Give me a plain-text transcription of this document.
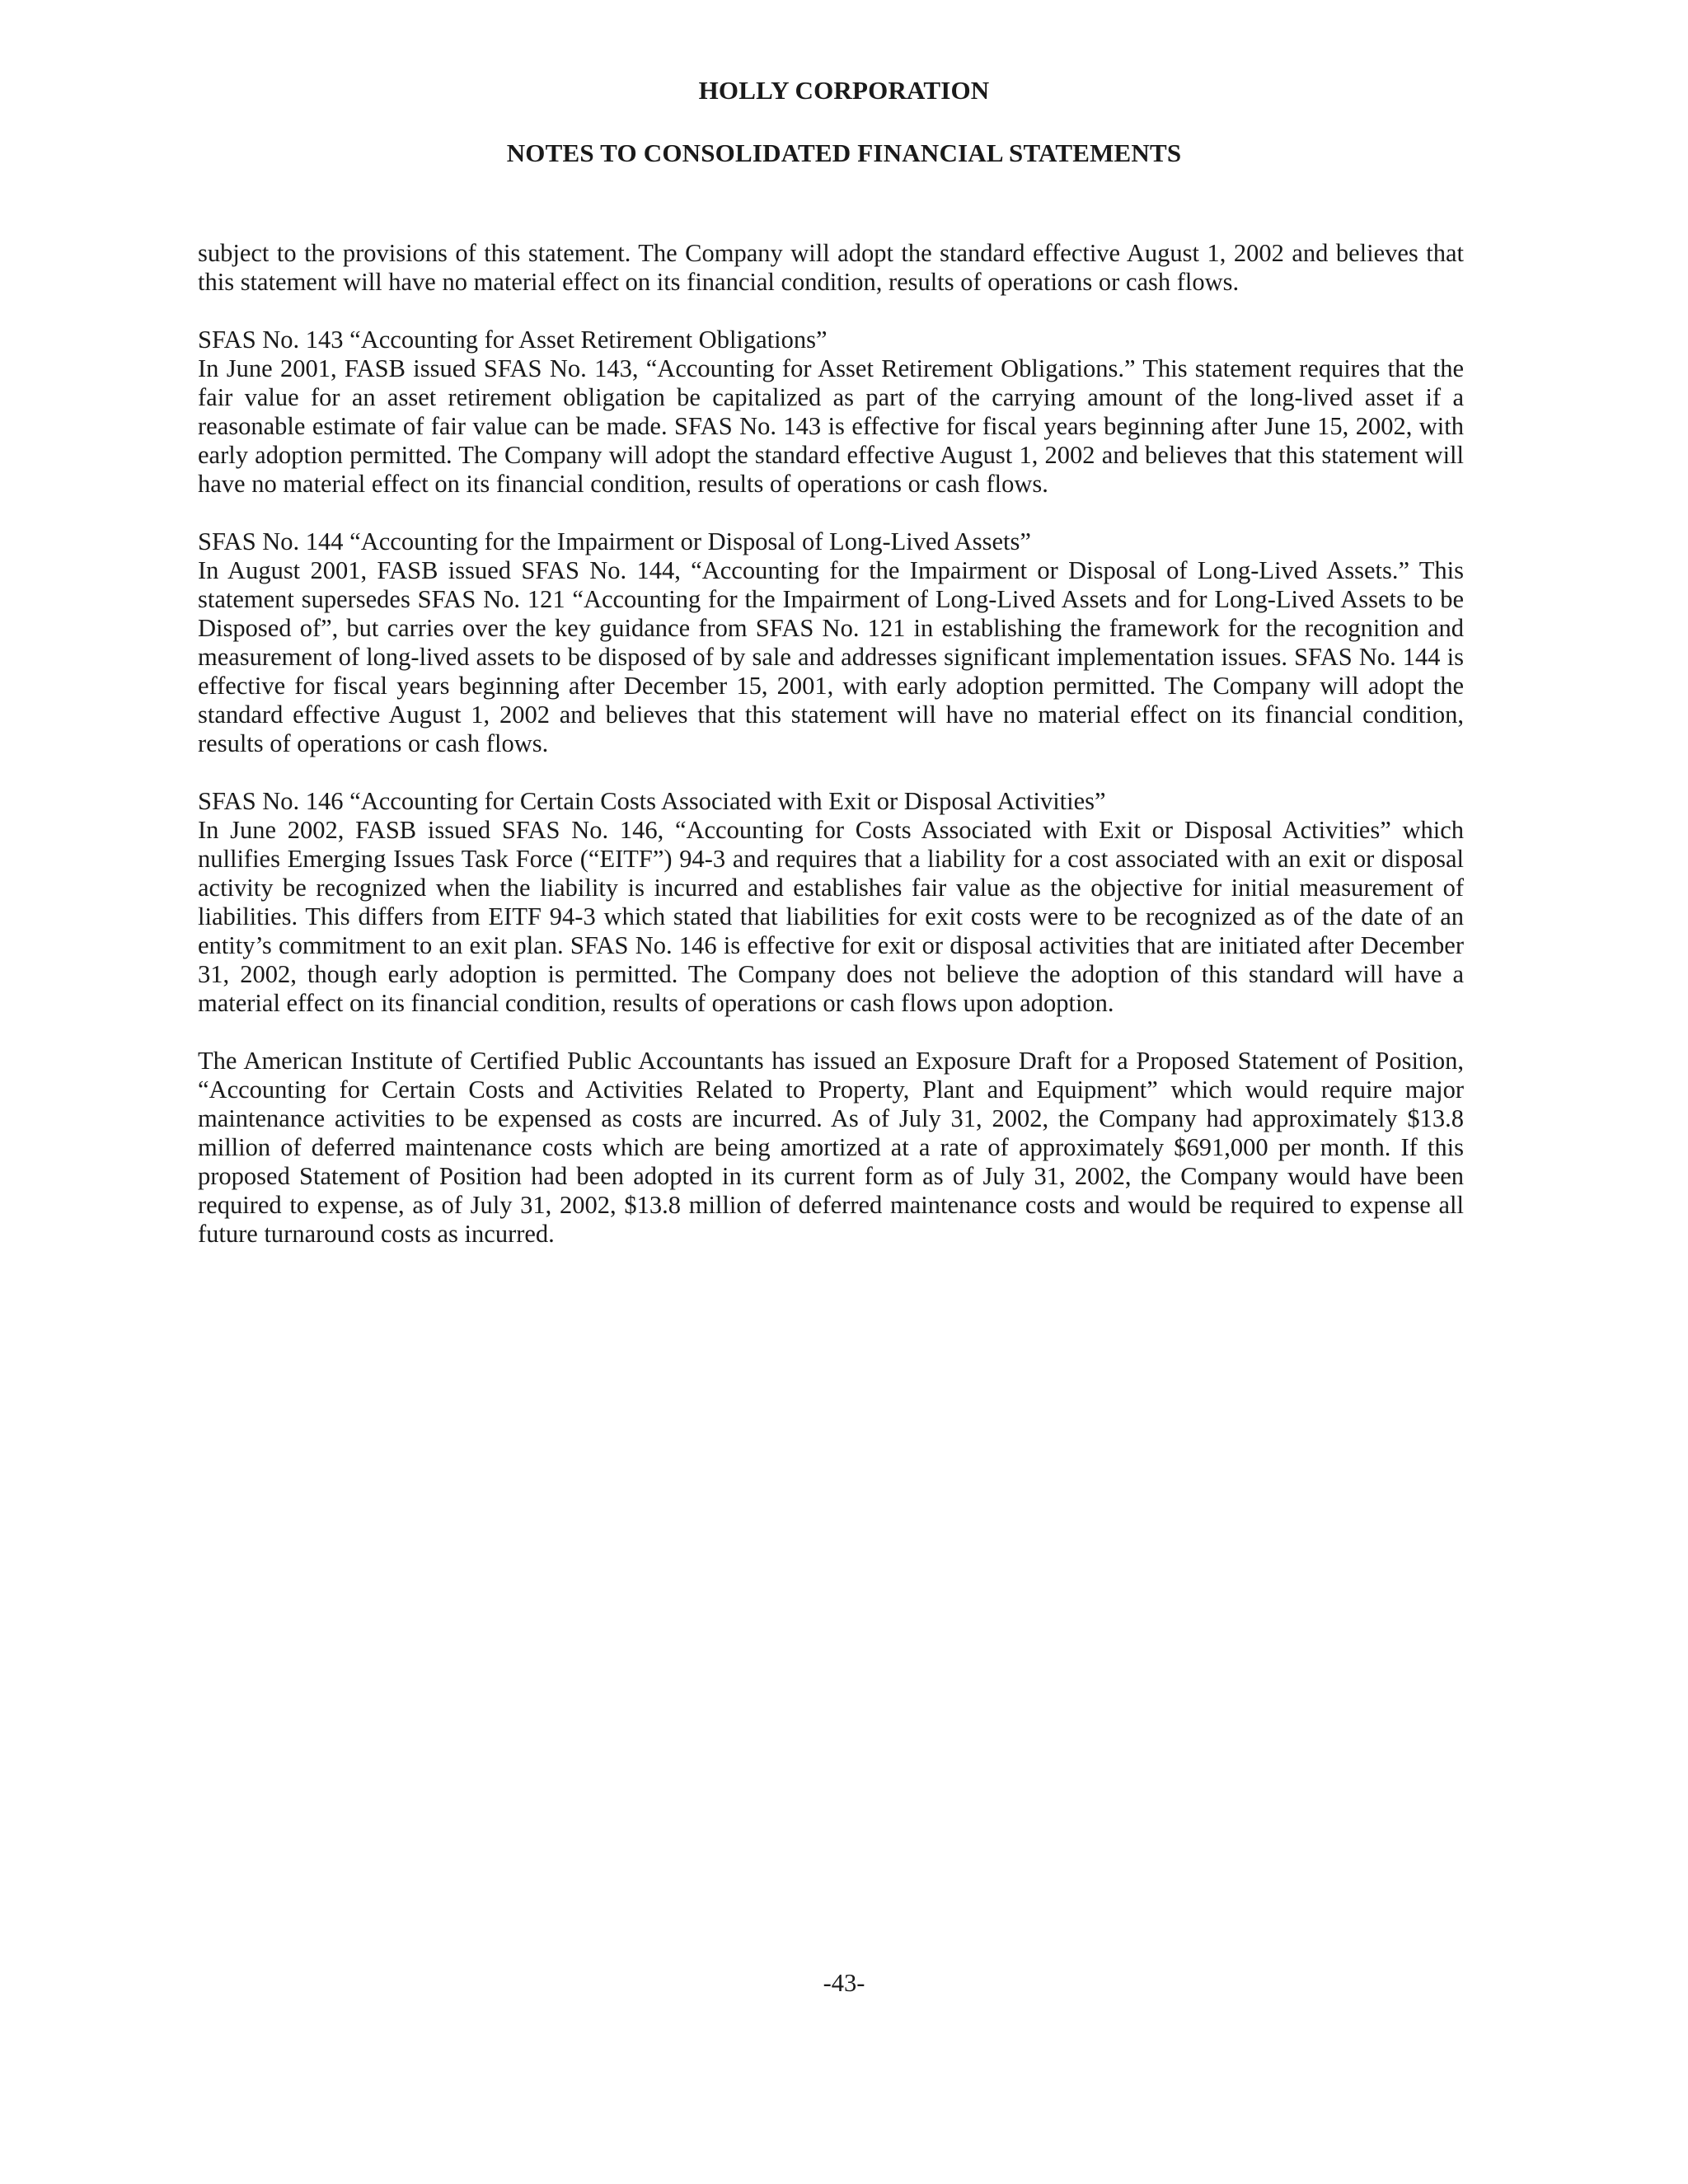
HOLLY CORPORATION
NOTES TO CONSOLIDATED FINANCIAL STATEMENTS

subject to the provisions of this statement. The Company will adopt the standard effective August 1, 2002 and believes that this statement will have no material effect on its financial condition, results of operations or cash flows.

SFAS No. 143 “Accounting for Asset Retirement Obligations”
In June 2001, FASB issued SFAS No. 143, “Accounting for Asset Retirement Obligations.” This statement requires that the fair value for an asset retirement obligation be capitalized as part of the carrying amount of the long-lived asset if a reasonable estimate of fair value can be made. SFAS No. 143 is effective for fiscal years beginning after June 15, 2002, with early adoption permitted. The Company will adopt the standard effective August 1, 2002 and believes that this statement will have no material effect on its financial condition, results of operations or cash flows.
SFAS No. 144 “Accounting for the Impairment or Disposal of Long-Lived Assets”
In August 2001, FASB issued SFAS No. 144, “Accounting for the Impairment or Disposal of Long-Lived Assets.” This statement supersedes SFAS No. 121 “Accounting for the Impairment of Long-Lived Assets and for Long-Lived Assets to be Disposed of”, but carries over the key guidance from SFAS No. 121 in establishing the framework for the recognition and measurement of long-lived assets to be disposed of by sale and addresses significant implementation issues. SFAS No. 144 is effective for fiscal years beginning after December 15, 2001, with early adoption permitted. The Company will adopt the standard effective August 1, 2002 and believes that this statement will have no material effect on its financial condition, results of operations or cash flows.
SFAS No. 146 “Accounting for Certain Costs Associated with Exit or Disposal Activities”
In June 2002, FASB issued SFAS No. 146, “Accounting for Costs Associated with Exit or Disposal Activities” which nullifies Emerging Issues Task Force (“EITF”) 94-3 and requires that a liability for a cost associated with an exit or disposal activity be recognized when the liability is incurred and establishes fair value as the objective for initial measurement of liabilities. This differs from EITF 94-3 which stated that liabilities for exit costs were to be recognized as of the date of an entity’s commitment to an exit plan. SFAS No. 146 is effective for exit or disposal activities that are initiated after December 31, 2002, though early adoption is permitted. The Company does not believe the adoption of this standard will have a material effect on its financial condition, results of operations or cash flows upon adoption.

The American Institute of Certified Public Accountants has issued an Exposure Draft for a Proposed Statement of Position, “Accounting for Certain Costs and Activities Related to Property, Plant and Equipment” which would require major maintenance activities to be expensed as costs are incurred. As of July 31, 2002, the Company had approximately $13.8 million of deferred maintenance costs which are being amortized at a rate of approximately $691,000 per month. If this proposed Statement of Position had been adopted in its current form as of July 31, 2002, the Company would have been required to expense, as of July 31, 2002, $13.8 million of deferred maintenance costs and would be required to expense all future turnaround costs as incurred.

-43-
